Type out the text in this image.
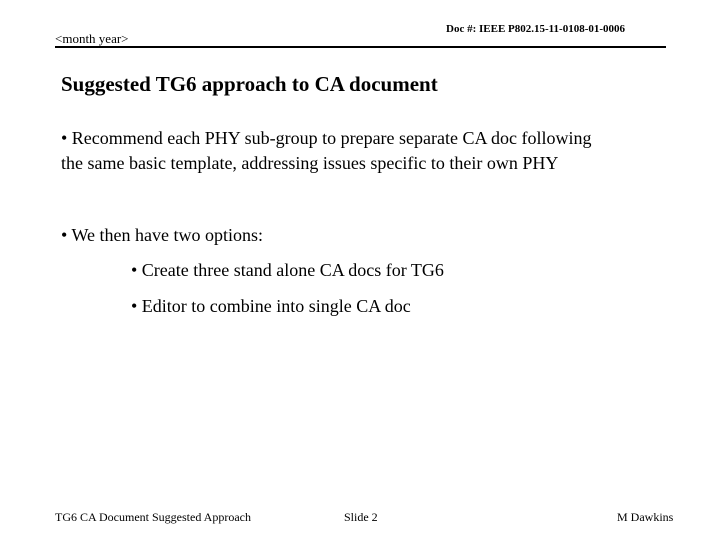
<month year>
Doc #: IEEE P802.15-11-0108-01-0006
Suggested TG6 approach to CA document
• Recommend each PHY sub-group to prepare separate CA doc following
the same basic template, addressing issues specific to their own PHY
• We then have two options:
• Create three stand alone CA docs for TG6
• Editor to combine into single CA doc
TG6 CA Document Suggested Approach	Slide 2	M Dawkins
